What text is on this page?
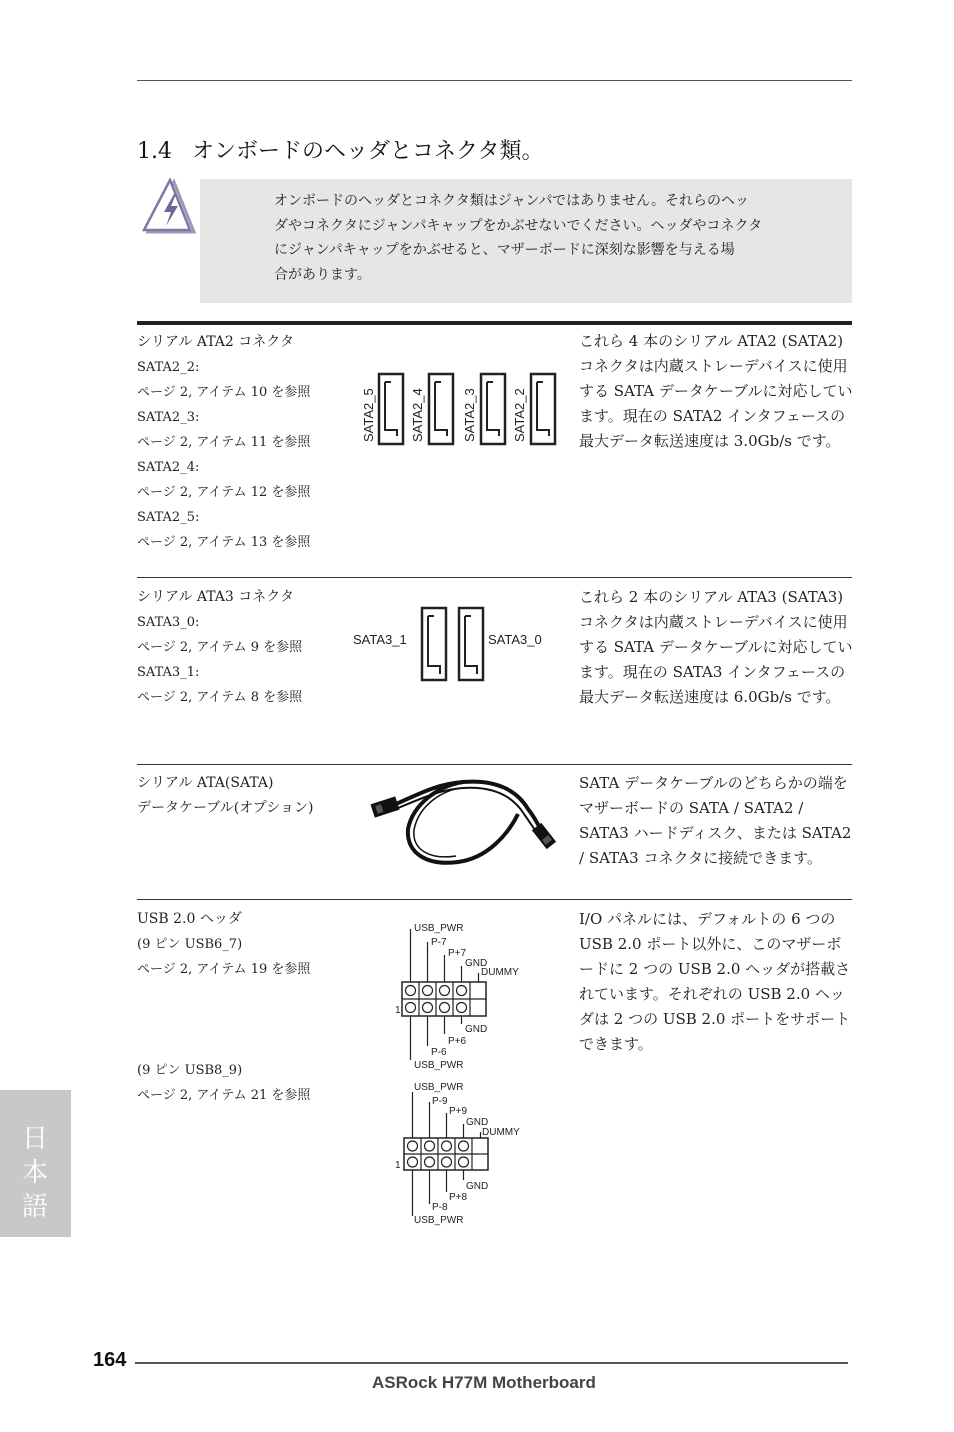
1.4 オンボードのヘッダとコネクタ類。
オンボードのヘッダとコネクタ類はジャンパではありません。それらのヘッ
ダやコネクタにジャンパキャップをかぶせないでください。ヘッダやコネクタ
にジャンパキャップをかぶせると、マザーボードに深刻な影響を与える場
合があります。
シリアル ATA2 コネクタ
SATA2_2:
ページ 2, アイテム 10 を参照
SATA2_3:
ページ 2, アイテム 11 を参照
SATA2_4:
ページ 2, アイテム 12 を参照
SATA2_5:
ページ 2, アイテム 13 を参照
SATA2_5	SATA2_4	SATA2_3	SATA2_2
これら 4 本のシリアル ATA2 (SATA2) コネクタは内蔵ストレーデバイスに使用する SATA データケーブルに対応しています。現在の SATA2 インタフェースの最大データ転送速度は 3.0Gb/s です。
シリアル ATA3 コネクタ
SATA3_0:
ページ 2, アイテム 9 を参照
SATA3_1:
ページ 2, アイテム 8 を参照
SATA3_1	SATA3_0
これら 2 本のシリアル ATA3 (SATA3) コネクタは内蔵ストレーデバイスに使用する SATA データケーブルに対応しています。現在の SATA3 インタフェースの最大データ転送速度は 6.0Gb/s です。
シリアル ATA(SATA)
データケーブル(オプション)
SATA データケーブルのどちらかの端をマザーボードの SATA / SATA2 / SATA3 ハードディスク、または SATA2 / SATA3 コネクタに接続できます。
USB 2.0 ヘッダ
(9 ピン USB6_7)
ページ 2, アイテム 19 を参照
(9 ピン USB8_9)
ページ 2, アイテム 21 を参照
USB_PWR
P-7
P+7
GND
DUMMY
1
GND
P+6
P-6
USB_PWR
USB_PWR
P-9
P+9
GND
DUMMY
1
GND
P+8
P-8
USB_PWR
I/O パネルには、デフォルトの 6 つの USB 2.0 ポート以外に、このマザーボードに 2 つの USB 2.0 ヘッダが搭載されています。それぞれの USB 2.0 ヘッダは 2 つの USB 2.0 ポートをサポートできます。
日本語
164
ASRock H77M Motherboard
